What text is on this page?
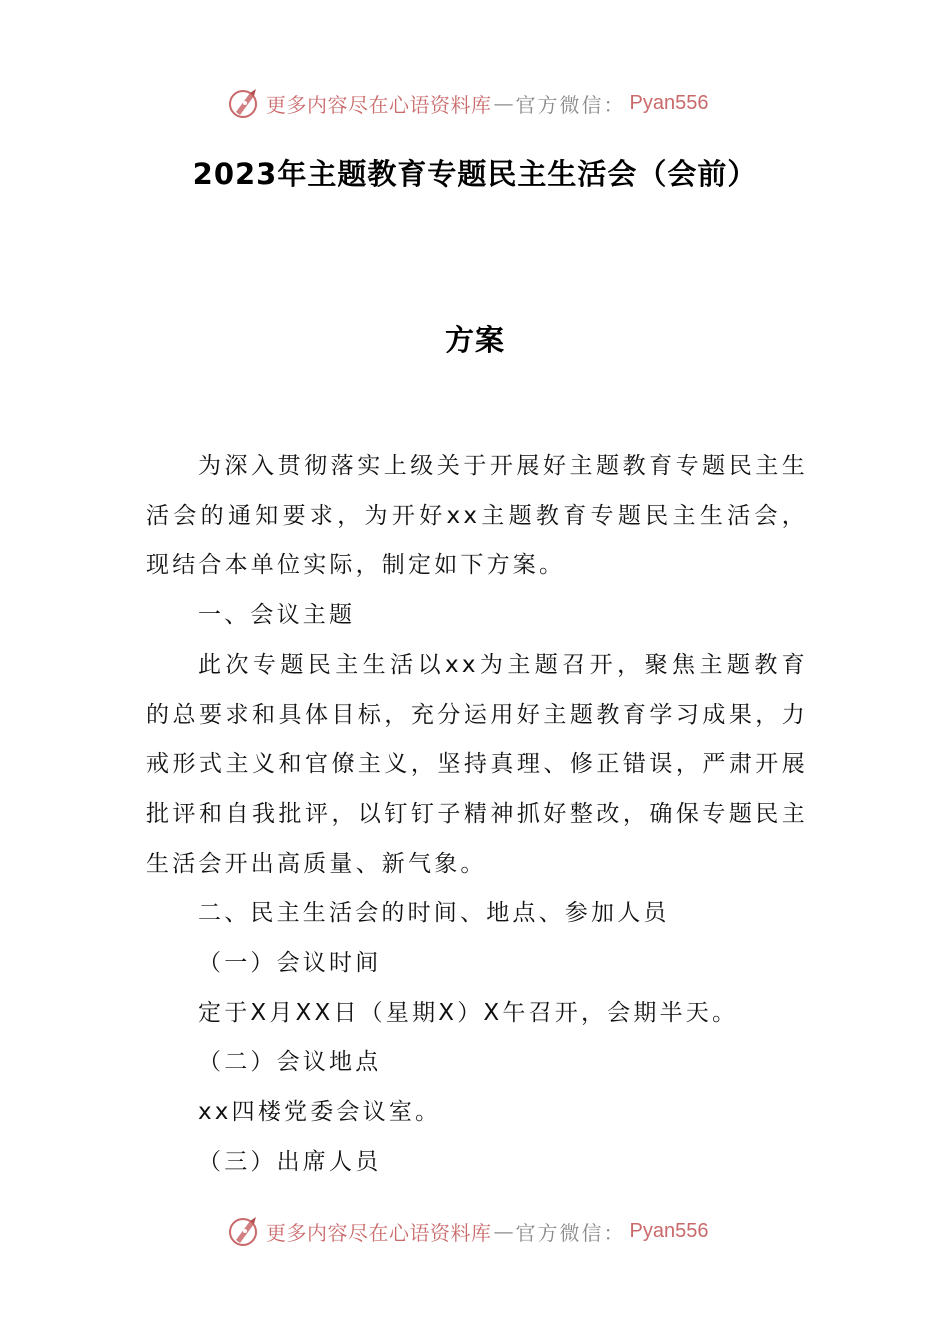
更多内容尽在心语资料库 — 官方微信： Pyan556
2023年主题教育专题民主生活会（会前）
方案

为深入贯彻落实上级关于开展好主题教育专题民主生活会的通知要求，为开好xx主题教育专题民主生活会，现结合本单位实际，制定如下方案。

一、会议主题

此次专题民主生活以xx为主题召开，聚焦主题教育的总要求和具体目标，充分运用好主题教育学习成果，力戒形式主义和官僚主义，坚持真理、修正错误，严肃开展批评和自我批评，以钉钉子精神抓好整改，确保专题民主生活会开出高质量、新气象。

二、民主生活会的时间、地点、参加人员

（一）会议时间

定于X月XX日（星期X）X午召开，会期半天。

（二）会议地点

xx四楼党委会议室。

（三）出席人员

更多内容尽在心语资料库 — 官方微信： Pyan556
